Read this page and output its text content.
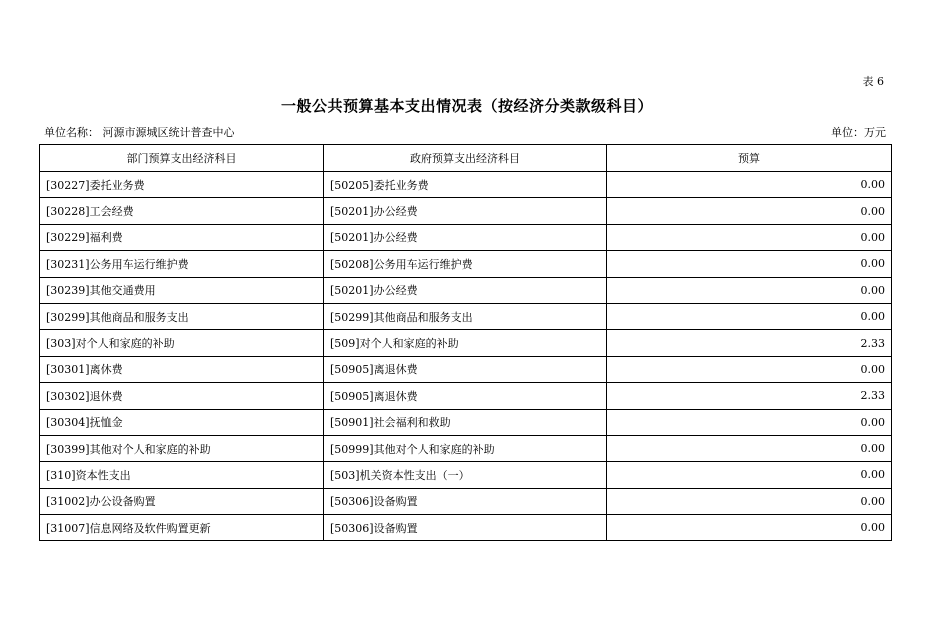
表 6
一般公共预算基本支出情况表（按经济分类款级科目）
单位名称： 河源市源城区统计普查中心	单位：万元
部门预算支出经济科目	政府预算支出经济科目	预算
[30227]委托业务费	[50205]委托业务费	0.00
[30228]工会经费	[50201]办公经费	0.00
[30229]福利费	[50201]办公经费	0.00
[30231]公务用车运行维护费	[50208]公务用车运行维护费	0.00
[30239]其他交通费用	[50201]办公经费	0.00
[30299]其他商品和服务支出	[50299]其他商品和服务支出	0.00
[303]对个人和家庭的补助	[509]对个人和家庭的补助	2.33
[30301]离休费	[50905]离退休费	0.00
[30302]退休费	[50905]离退休费	2.33
[30304]抚恤金	[50901]社会福利和救助	0.00
[30399]其他对个人和家庭的补助	[50999]其他对个人和家庭的补助	0.00
[310]资本性支出	[503]机关资本性支出（一）	0.00
[31002]办公设备购置	[50306]设备购置	0.00
[31007]信息网络及软件购置更新	[50306]设备购置	0.00
